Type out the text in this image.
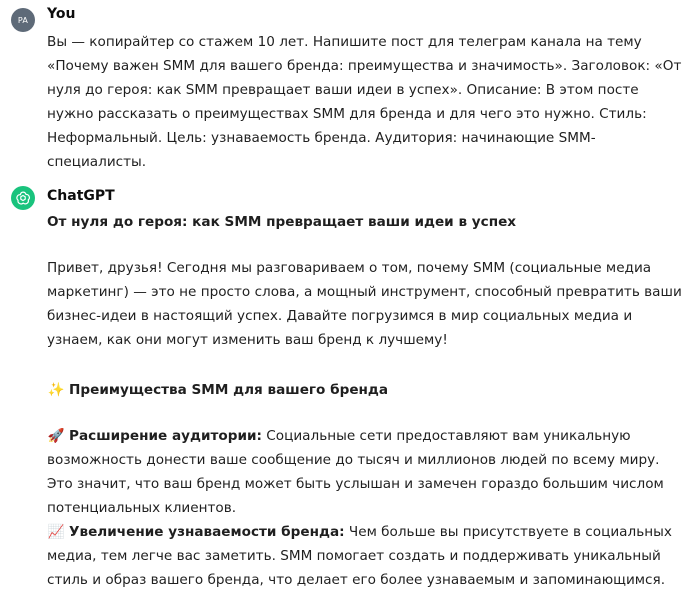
PA You
Вы — копирайтер со стажем 10 лет. Напишите пост для телеграм канала на тему «Почему важен SMM для вашего бренда: преимущества и значимость». Заголовок: «От нуля до героя: как SMM превращает ваши идеи в успех». Описание: В этом посте нужно рассказать о преимуществах SMM для бренда и для чего это нужно. Стиль: Неформальный. Цель: узнаваемость бренда. Аудитория: начинающие SMM-специалисты.
ChatGPT
От нуля до героя: как SMM превращает ваши идеи в успех
Привет, друзья! Сегодня мы разговариваем о том, почему SMM (социальные медиа маркетинг) — это не просто слова, а мощный инструмент, способный превратить ваши бизнес-идеи в настоящий успех. Давайте погрузимся в мир социальных медиа и узнаем, как они могут изменить ваш бренд к лучшему!
✨ Преимущества SMM для вашего бренда
🚀 Расширение аудитории: Социальные сети предоставляют вам уникальную возможность донести ваше сообщение до тысяч и миллионов людей по всему миру. Это значит, что ваш бренд может быть услышан и замечен гораздо большим числом потенциальных клиентов.
📈 Увеличение узнаваемости бренда: Чем больше вы присутствуете в социальных медиа, тем легче вас заметить. SMM помогает создать и поддерживать уникальный стиль и образ вашего бренда, что делает его более узнаваемым и запоминающимся.
